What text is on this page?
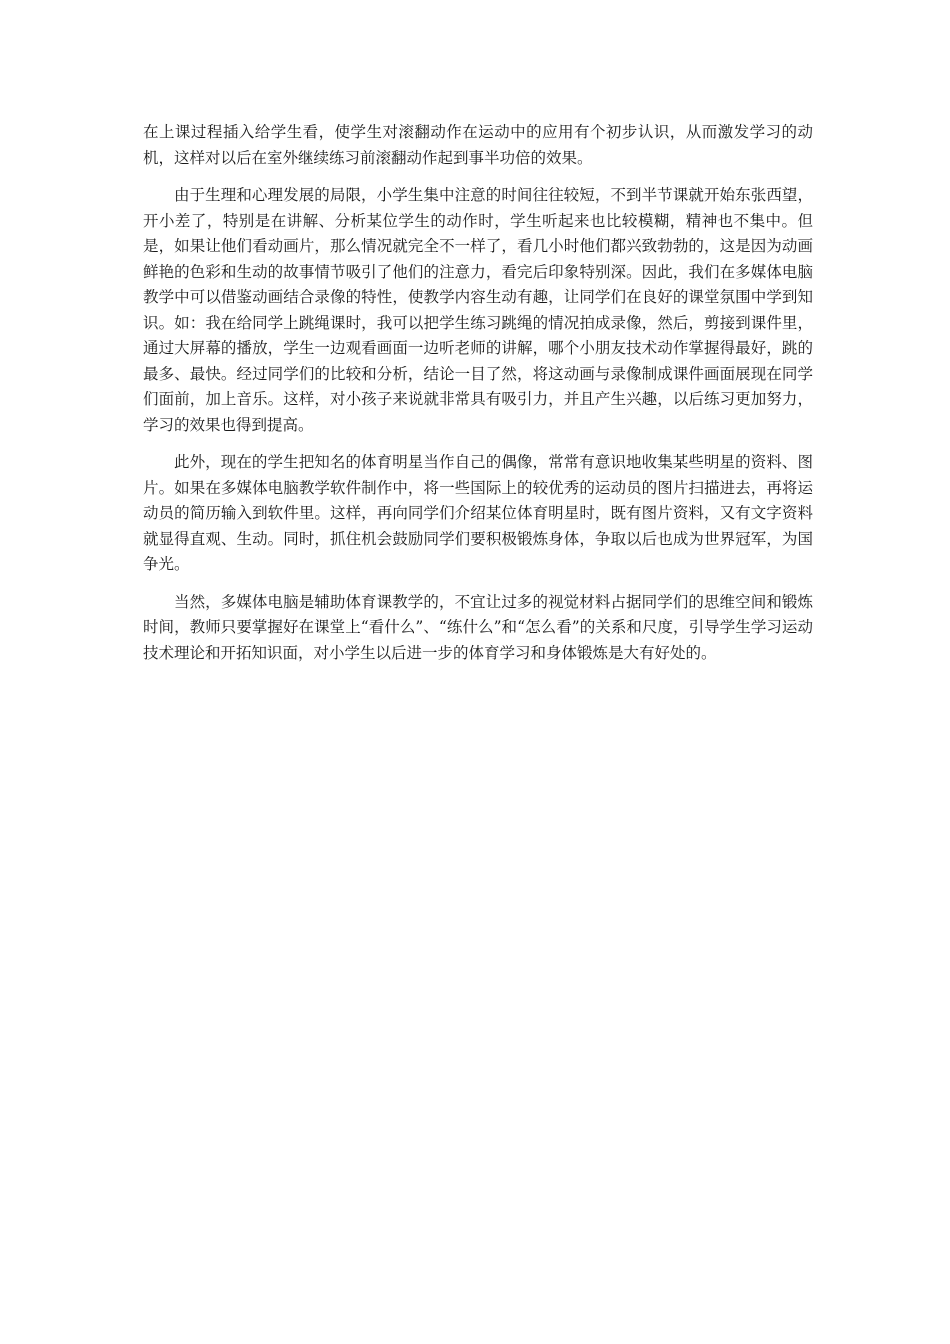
在上课过程插入给学生看，使学生对滚翻动作在运动中的应用有个初步认识，从而激发学习的动机，这样对以后在室外继续练习前滚翻动作起到事半功倍的效果。

由于生理和心理发展的局限，小学生集中注意的时间往往较短，不到半节课就开始东张西望，开小差了，特别是在讲解、分析某位学生的动作时，学生听起来也比较模糊，精神也不集中。但是，如果让他们看动画片，那么情况就完全不一样了，看几小时他们都兴致勃勃的，这是因为动画鲜艳的色彩和生动的故事情节吸引了他们的注意力，看完后印象特别深。因此，我们在多媒体电脑教学中可以借鉴动画结合录像的特性，使教学内容生动有趣，让同学们在良好的课堂氛围中学到知识。如：我在给同学上跳绳课时，我可以把学生练习跳绳的情况拍成录像，然后，剪接到课件里，通过大屏幕的播放，学生一边观看画面一边听老师的讲解，哪个小朋友技术动作掌握得最好，跳的最多、最快。经过同学们的比较和分析，结论一目了然，将这动画与录像制成课件画面展现在同学们面前，加上音乐。这样，对小孩子来说就非常具有吸引力，并且产生兴趣，以后练习更加努力，学习的效果也得到提高。

此外，现在的学生把知名的体育明星当作自己的偶像，常常有意识地收集某些明星的资料、图片。如果在多媒体电脑教学软件制作中，将一些国际上的较优秀的运动员的图片扫描进去，再将运动员的简历输入到软件里。这样，再向同学们介绍某位体育明星时，既有图片资料，又有文字资料就显得直观、生动。同时，抓住机会鼓励同学们要积极锻炼身体，争取以后也成为世界冠军，为国争光。

当然，多媒体电脑是辅助体育课教学的，不宜让过多的视觉材料占据同学们的思维空间和锻炼时间，教师只要掌握好在课堂上“看什么”、“练什么”和“怎么看”的关系和尺度，引导学生学习运动技术理论和开拓知识面，对小学生以后进一步的体育学习和身体锻炼是大有好处的。
